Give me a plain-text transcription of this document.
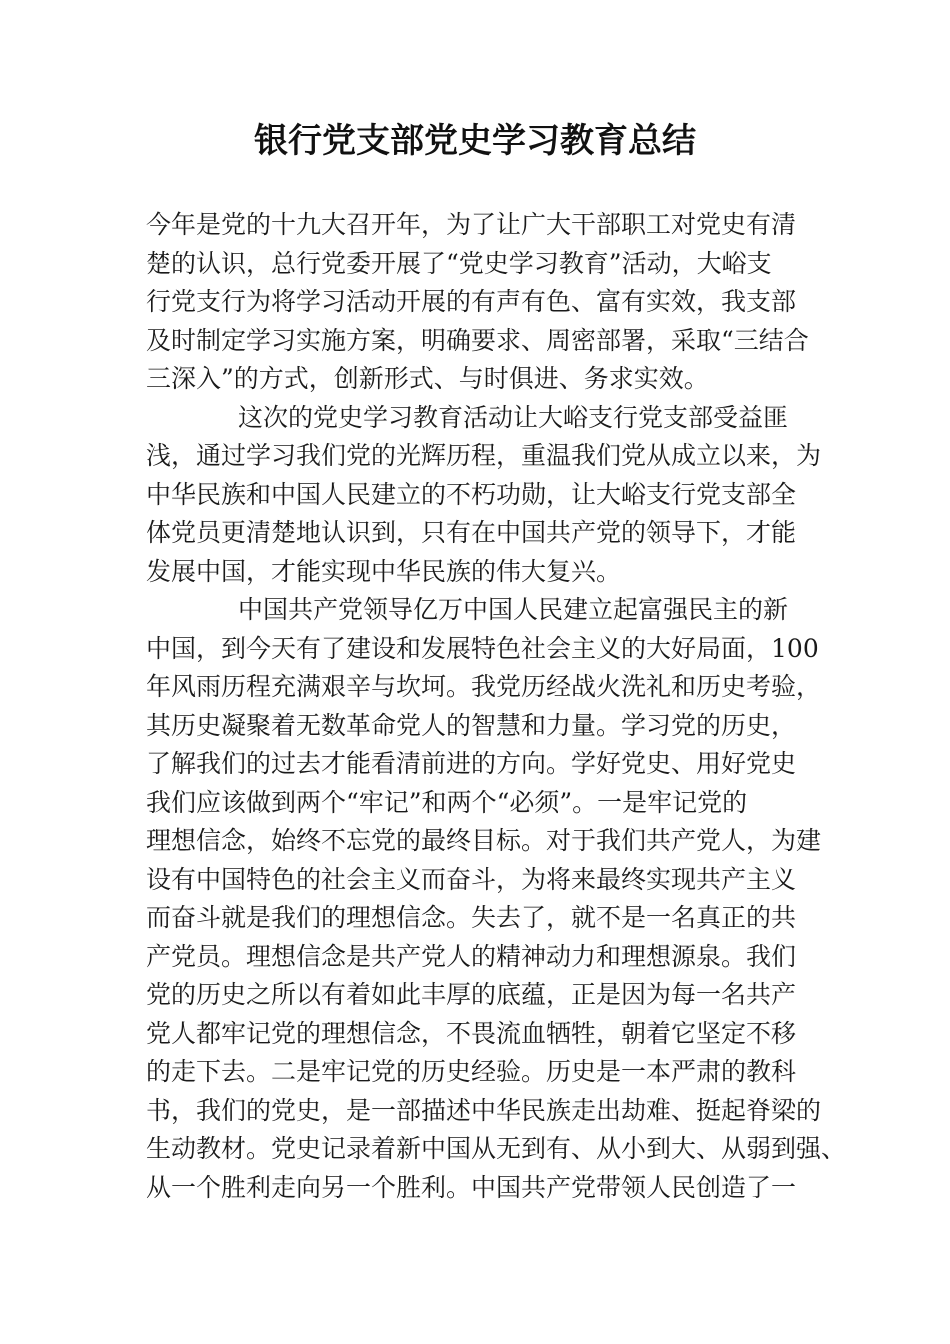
银行党支部党史学习教育总结
今年是党的十九大召开年，为了让广大干部职工对党史有清
楚的认识，总行党委开展了“党史学习教育”活动，大峪支
行党支行为将学习活动开展的有声有色、富有实效，我支部
及时制定学习实施方案，明确要求、周密部署，采取“三结合
三深入”的方式，创新形式、与时俱进、务求实效。
这次的党史学习教育活动让大峪支行党支部受益匪
浅，通过学习我们党的光辉历程，重温我们党从成立以来，为
中华民族和中国人民建立的不朽功勋，让大峪支行党支部全
体党员更清楚地认识到，只有在中国共产党的领导下，才能
发展中国，才能实现中华民族的伟大复兴。
中国共产党领导亿万中国人民建立起富强民主的新
中国，到今天有了建设和发展特色社会主义的大好局面，100
年风雨历程充满艰辛与坎坷。我党历经战火洗礼和历史考验，
其历史凝聚着无数革命党人的智慧和力量。学习党的历史，
了解我们的过去才能看清前进的方向。学好党史、用好党史
我们应该做到两个“牢记”和两个“必须”。一是牢记党的
理想信念，始终不忘党的最终目标。对于我们共产党人，为建
设有中国特色的社会主义而奋斗，为将来最终实现共产主义
而奋斗就是我们的理想信念。失去了，就不是一名真正的共
产党员。理想信念是共产党人的精神动力和理想源泉。我们
党的历史之所以有着如此丰厚的底蕴，正是因为每一名共产
党人都牢记党的理想信念，不畏流血牺牲，朝着它坚定不移
的走下去。二是牢记党的历史经验。历史是一本严肃的教科
书，我们的党史，是一部描述中华民族走出劫难、挺起脊梁的
生动教材。党史记录着新中国从无到有、从小到大、从弱到强、
从一个胜利走向另一个胜利。中国共产党带领人民创造了一
